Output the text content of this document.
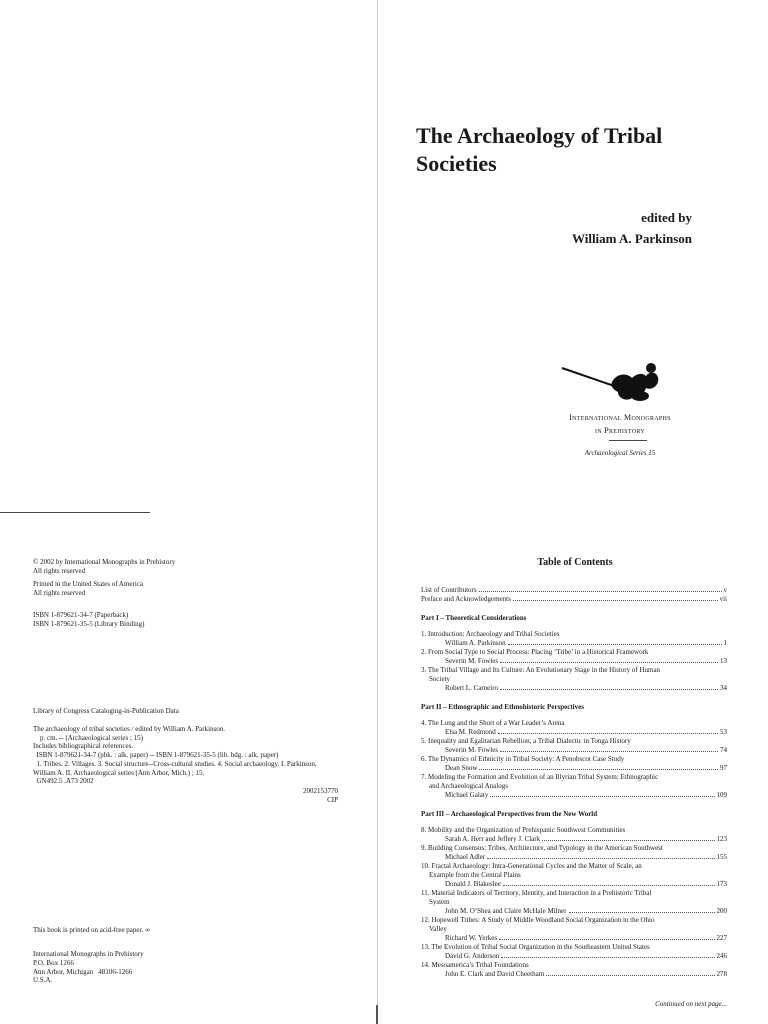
The Archaeology of Tribal
Societies
edited by
William A. Parkinson
International Monographs
in Prehistory
Archaeological Series 15
© 2002 by International Monographs in Prehistory
All rights reserved
Printed in the United States of America
All rights reserved
ISBN 1-879621-34-7 (Paperback)
ISBN 1-879621-35-5 (Library Binding)
Library of Congress Cataloging-in-Publication Data
The archaeology of tribal societies / edited by William A. Parkinson.
p. cm. -- (Archaeological series ; 15)
Includes bibliographical references.
ISBN 1-879621-34-7 (pbk. : alk. paper) -- ISBN 1-879621-35-5 (lib. bdg. : alk. paper)
1. Tribes. 2. Villages. 3. Social structure--Cross-cultural studies. 4. Social archaeology. I. Parkinson,
William A. II. Archaeological series (Ann Arbor, Mich.) ; 15.
GN492.5 .A73 2002
2002153770
CIP
This book is printed on acid-free paper. ∞
International Monographs in Prehistory
P.O. Box 1266
Ann Arbor, Michigan   48106-1266
U.S.A.
Table of Contents
List of Contributors	v
Preface and Acknowledgements	vii
Part I – Theoretical Considerations
1. Introduction: Archaeology and Tribal Societies
William A. Parkinson	1
2. From Social Type to Social Process: Placing ‘Tribe’ in a Historical Framework
Severin M. Fowles	13
3. The Tribal Village and Its Culture: An Evolutionary Stage in the History of Human
Society
Robert L. Carneiro	34
Part II – Ethnographic and Ethnohistoric Perspectives
4. The Long and the Short of a War Leader’s Arena
Elsa M. Redmond	53
5. Inequality and Egalitarian Rebellion, a Tribal Dialectic in Tonga History
Severin M. Fowles	74
6. The Dynamics of Ethnicity in Tribal Society: A Penobscot Case Study
Dean Snow	97
7. Modeling the Formation and Evolution of an Illyrian Tribal System: Ethnographic
and Archaeological Analogs
Michael Galaty	109
Part III – Archaeological Perspectives from the New World
8. Mobility and the Organization of Prehispanic Southwest Communities
Sarah A. Herr and Jeffery J. Clark	123
9. Building Consensus: Tribes, Architecture, and Typology in the American Southwest
Michael Adler	155
10. Fractal Archaeology: Intra-Generational Cycles and the Matter of Scale, an
Example from the Central Plains
Donald J. Blakeslee	173
11. Material Indicators of Territory, Identity, and Interaction in a Prehistoric Tribal
System
John M. O’Shea and Claire McHale Milner	200
12. Hopewell Tribes: A Study of Middle Woodland Social Organization in the Ohio
Valley
Richard W. Yerkes	227
13. The Evolution of Tribal Social Organization in the Southeastern United States
David G. Anderson	246
14. Mesoamerica’s Tribal Foundations
John E. Clark and David Cheetham	278
Continued on next page...
